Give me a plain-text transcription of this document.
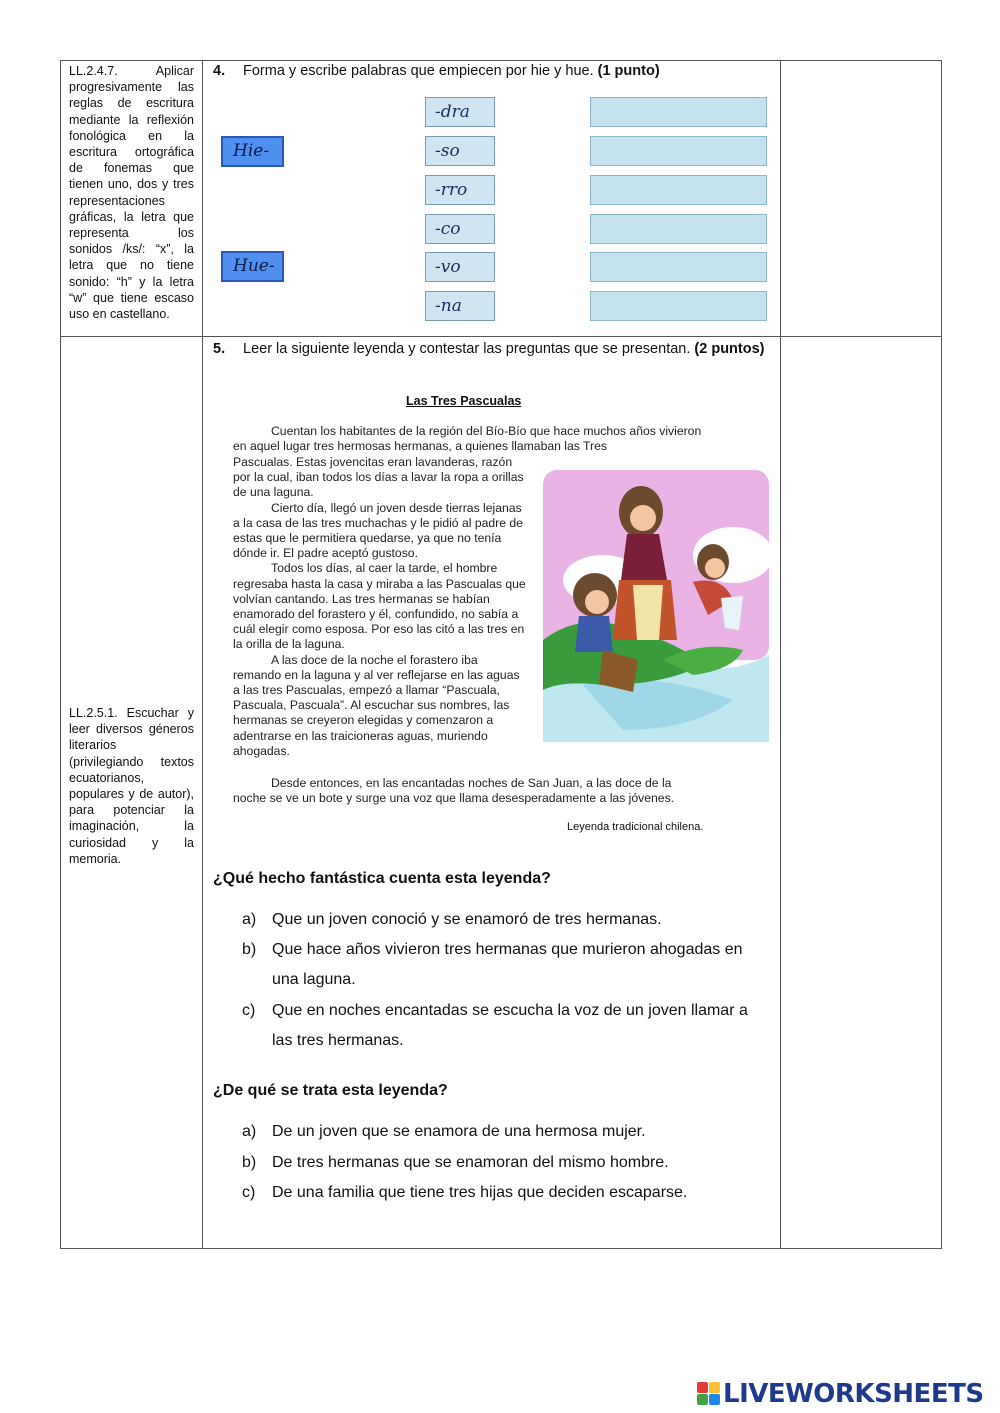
LL.2.4.7. Aplicar progresivamente las reglas de escritura mediante la reflexión fonológica en la escritura ortográfica de fonemas que tienen uno, dos y tres representaciones gráficas, la letra que representa los sonidos /ks/: “x”, la letra que no tiene sonido: “h” y la letra “w” que tiene escaso uso en castellano.
4. Forma y escribe palabras que empiecen por hie y hue. (1 punto)
Hie-
Hue-
-dra
-so
-rro
-co
-vo
-na
LL.2.5.1. Escuchar y leer diversos géneros literarios (privilegiando textos ecuatorianos, populares y de autor), para potenciar la imaginación, la curiosidad y la memoria.
5. Leer la siguiente leyenda y contestar las preguntas que se presentan. (2 puntos)
Las Tres Pascualas

Cuentan los habitantes de la región del Bío-Bío que hace muchos años vivieron en aquel lugar tres hermosas hermanas, a quienes llamaban las Tres

Pascualas. Estas jovencitas eran lavanderas, razón por la cual, iban todos los días a lavar la ropa a orillas de una laguna.

Cierto día, llegó un joven desde tierras lejanas a la casa de las tres muchachas y le pidió al padre de estas que le permitiera quedarse, ya que no tenía dónde ir. El padre aceptó gustoso.

Todos los días, al caer la tarde, el hombre regresaba hasta la casa y miraba a las Pascualas que volvían cantando. Las tres hermanas se habían enamorado del forastero y él, confundido, no sabía a cuál elegir como esposa. Por eso las citó a las tres en la orilla de la laguna.

A las doce de la noche el forastero iba remando en la laguna y al ver reflejarse en las aguas a las tres Pascualas, empezó a llamar “Pascuala, Pascuala, Pascuala”. Al escuchar sus nombres, las hermanas se creyeron elegidas y comenzaron a adentrarse en las traicioneras aguas, muriendo ahogadas.

Desde entonces, en las encantadas noches de San Juan, a las doce de la noche se ve un bote y surge una voz que llama desesperadamente a las jóvenes.

Leyenda tradicional chilena.
¿Qué hecho fantástica cuenta esta leyenda?
a) Que un joven conoció y se enamoró de tres hermanas.
b) Que hace años vivieron tres hermanas que murieron ahogadas en una laguna.
c) Que en noches encantadas se escucha la voz de un joven llamar a las tres hermanas.
¿De qué se trata esta leyenda?
a) De un joven que se enamora de una hermosa mujer.
b) De tres hermanas que se enamoran del mismo hombre.
c) De una familia que tiene tres hijas que deciden escaparse.
LIVEWORKSHEETS
